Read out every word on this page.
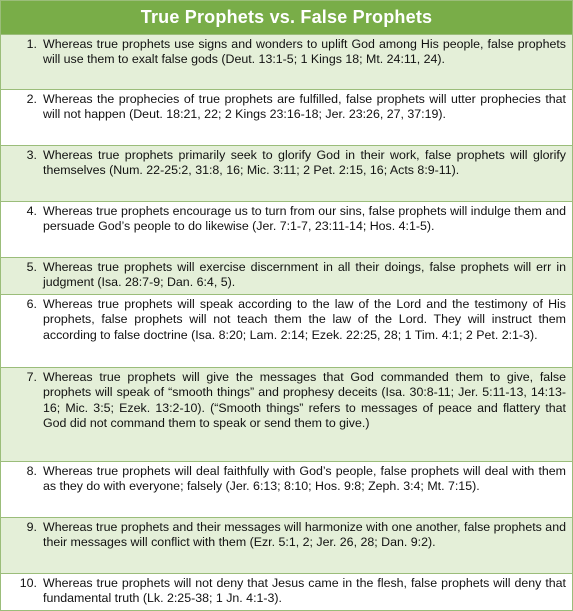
True Prophets vs. False Prophets
1. Whereas true prophets use signs and wonders to uplift God among His people, false prophets will use them to exalt false gods (Deut. 13:1-5; 1 Kings 18; Mt. 24:11, 24).
2. Whereas the prophecies of true prophets are fulfilled, false prophets will utter prophecies that will not happen (Deut. 18:21, 22; 2 Kings 23:16-18; Jer. 23:26, 27, 37:19).
3. Whereas true prophets primarily seek to glorify God in their work, false prophets will glorify themselves (Num. 22-25:2, 31:8, 16; Mic. 3:11; 2 Pet. 2:15, 16; Acts 8:9-11).
4. Whereas true prophets encourage us to turn from our sins, false prophets will indulge them and persuade God’s people to do likewise (Jer. 7:1-7, 23:11-14; Hos. 4:1-5).
5. Whereas true prophets will exercise discernment in all their doings, false prophets will err in judgment (Isa. 28:7-9; Dan. 6:4, 5).
6. Whereas true prophets will speak according to the law of the Lord and the testimony of His prophets, false prophets will not teach them the law of the Lord. They will instruct them according to false doctrine (Isa. 8:20; Lam. 2:14; Ezek. 22:25, 28; 1 Tim. 4:1; 2 Pet. 2:1-3).
7. Whereas true prophets will give the messages that God commanded them to give, false prophets will speak of “smooth things” and prophesy deceits (Isa. 30:8-11; Jer. 5:11-13, 14:13-16; Mic. 3:5; Ezek. 13:2-10). (“Smooth things” refers to messages of peace and flattery that God did not command them to speak or send them to give.)
8. Whereas true prophets will deal faithfully with God’s people, false prophets will deal with them as they do with everyone; falsely (Jer. 6:13; 8:10; Hos. 9:8; Zeph. 3:4; Mt. 7:15).
9. Whereas true prophets and their messages will harmonize with one another, false prophets and their messages will conflict with them (Ezr. 5:1, 2; Jer. 26, 28; Dan. 9:2).
10. Whereas true prophets will not deny that Jesus came in the flesh, false prophets will deny that fundamental truth (Lk. 2:25-38; 1 Jn. 4:1-3).
